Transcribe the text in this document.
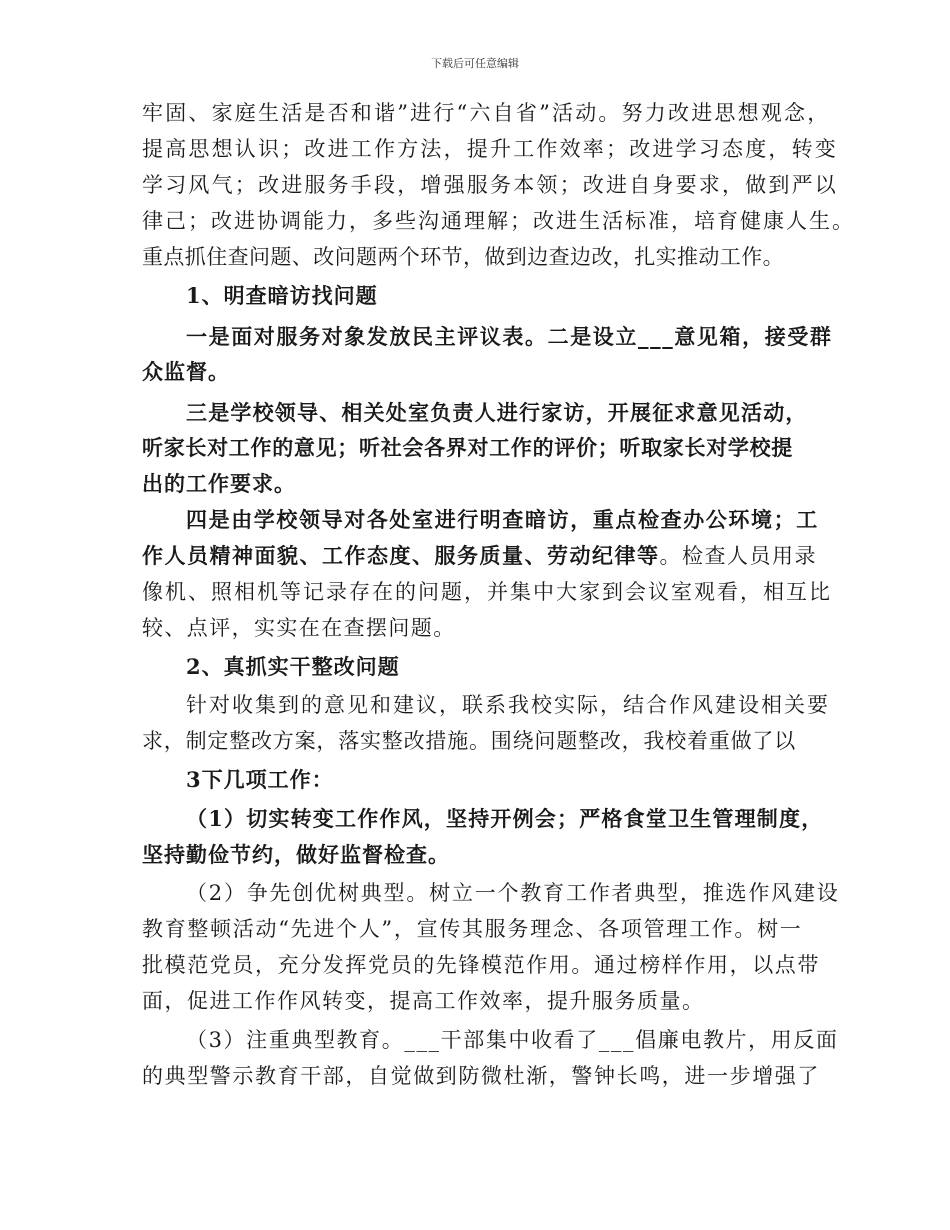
下载后可任意编辑
牢固、家庭生活是否和谐”进行“六自省”活动。努力改进思想观念，
提高思想认识；改进工作方法，提升工作效率；改进学习态度，转变
学习风气；改进服务手段，增强服务本领；改进自身要求，做到严以
律己；改进协调能力，多些沟通理解；改进生活标准，培育健康人生。
重点抓住查问题、改问题两个环节，做到边查边改，扎实推动工作。
1、明查暗访找问题
一是面对服务对象发放民主评议表。二是设立___意见箱，接受群
众监督。
三是学校领导、相关处室负责人进行家访，开展征求意见活动，
听家长对工作的意见；听社会各界对工作的评价；听取家长对学校提
出的工作要求。
四是由学校领导对各处室进行明查暗访，重点检查办公环境；工
作人员精神面貌、工作态度、服务质量、劳动纪律等。检查人员用录
像机、照相机等记录存在的问题，并集中大家到会议室观看，相互比
较、点评，实实在在查摆问题。
2、真抓实干整改问题
针对收集到的意见和建议，联系我校实际，结合作风建设相关要
求，制定整改方案，落实整改措施。围绕问题整改，我校着重做了以
3下几项工作：
（1）切实转变工作作风，坚持开例会；严格食堂卫生管理制度，
坚持勤俭节约，做好监督检查。
（2）争先创优树典型。树立一个教育工作者典型，推选作风建设
教育整顿活动“先进个人”，宣传其服务理念、各项管理工作。树一
批模范党员，充分发挥党员的先锋模范作用。通过榜样作用，以点带
面，促进工作作风转变，提高工作效率，提升服务质量。
（3）注重典型教育。___干部集中收看了___倡廉电教片，用反面
的典型警示教育干部，自觉做到防微杜渐，警钟长鸣，进一步增强了
